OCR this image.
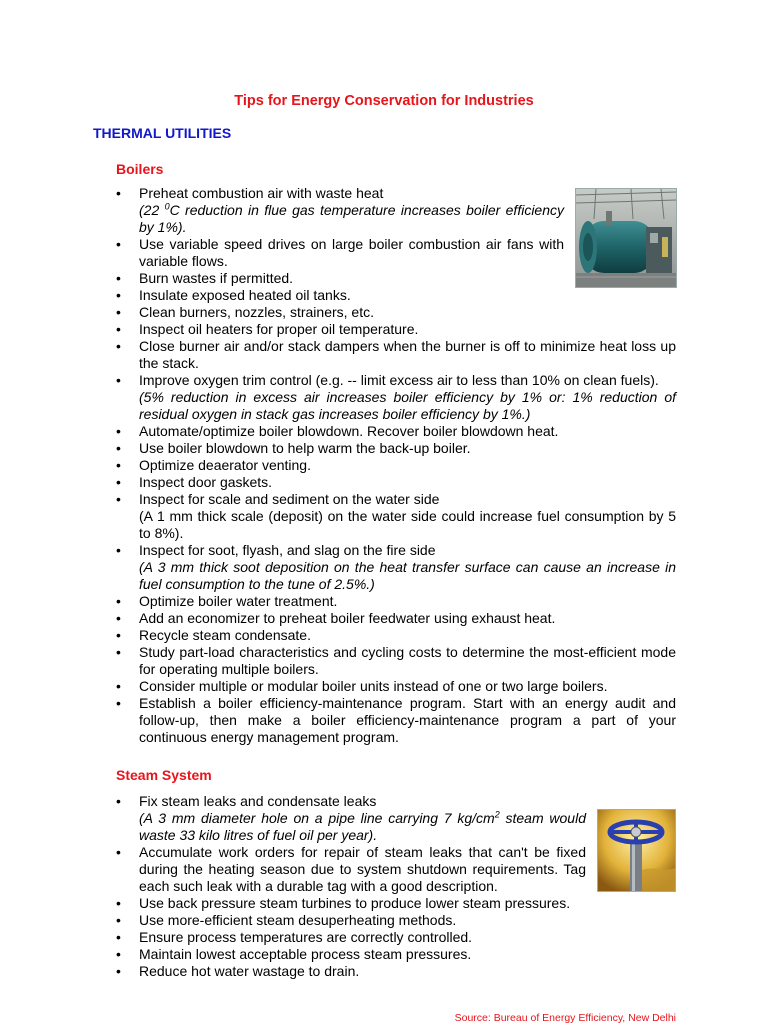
Tips for Energy Conservation for Industries
THERMAL UTILITIES
Boilers
• Preheat combustion air with waste heat
(22 $^0$C reduction in flue gas temperature increases boiler efficiency by 1%).
• Use variable speed drives on large boiler combustion air fans with variable flows.
• Burn wastes if permitted.
• Insulate exposed heated oil tanks.
• Clean burners, nozzles, strainers, etc.
• Inspect oil heaters for proper oil temperature.
• Close burner air and/or stack dampers when the burner is off to minimize heat loss up the stack.
• Improve oxygen trim control (e.g. -- limit excess air to less than 10% on clean fuels).
(5% reduction in excess air increases boiler efficiency by 1% or: 1% reduction of residual oxygen in stack gas increases boiler efficiency by 1%.)
• Automate/optimize boiler blowdown. Recover boiler blowdown heat.
• Use boiler blowdown to help warm the back-up boiler.
• Optimize deaerator venting.
• Inspect door gaskets.
• Inspect for scale and sediment on the water side
(A 1 mm thick scale (deposit) on the water side could increase fuel consumption by 5 to 8%).
• Inspect for soot, flyash, and slag on the fire side
(A 3 mm thick soot deposition on the heat transfer surface can cause an increase in fuel consumption to the tune of 2.5%.)
• Optimize boiler water treatment.
• Add an economizer to preheat boiler feedwater using exhaust heat.
• Recycle steam condensate.
• Study part-load characteristics and cycling costs to determine the most-efficient mode for operating multiple boilers.
• Consider multiple or modular boiler units instead of one or two large boilers.
• Establish a boiler efficiency-maintenance program. Start with an energy audit and follow-up, then make a boiler efficiency-maintenance program a part of your continuous energy management program.
Steam System
• Fix steam leaks and condensate leaks
(A 3 mm diameter hole on a pipe line carrying 7 $kg/cm^2$ steam would waste 33 kilo litres of fuel oil per year).
• Accumulate work orders for repair of steam leaks that can't be fixed during the heating season due to system shutdown requirements. Tag each such leak with a durable tag with a good description.
• Use back pressure steam turbines to produce lower steam pressures.
• Use more-efficient steam desuperheating methods.
• Ensure process temperatures are correctly controlled.
• Maintain lowest acceptable process steam pressures.
• Reduce hot water wastage to drain.
Source: Bureau of Energy Efficiency, New Delhi
